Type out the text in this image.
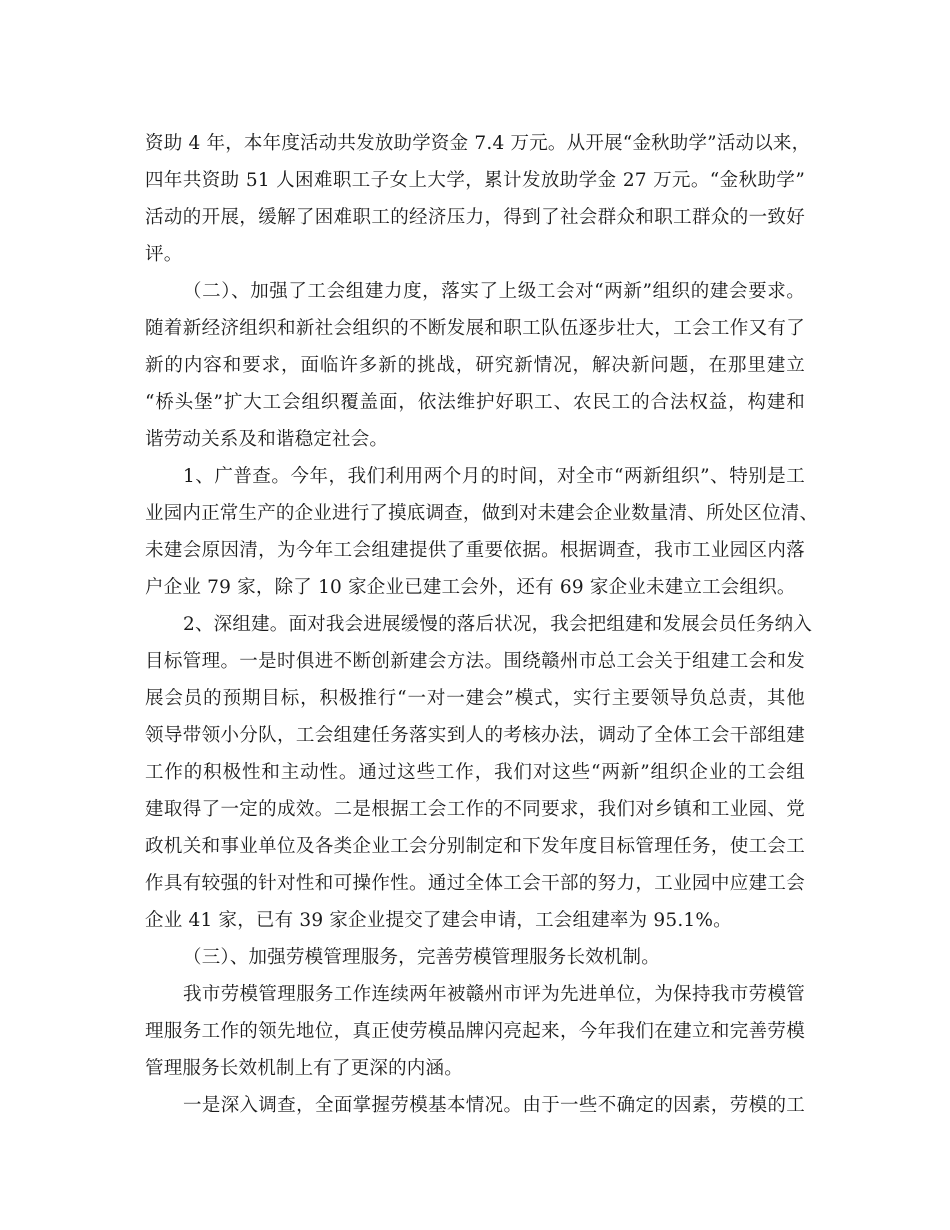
资助 4 年，本年度活动共发放助学资金 7.4 万元。从开展“金秋助学”活动以来，
四年共资助 51 人困难职工子女上大学，累计发放助学金 27 万元。“金秋助学”
活动的开展，缓解了困难职工的经济压力，得到了社会群众和职工群众的一致好
评。
（二）、加强了工会组建力度，落实了上级工会对“两新”组织的建会要求。
随着新经济组织和新社会组织的不断发展和职工队伍逐步壮大，工会工作又有了
新的内容和要求，面临许多新的挑战，研究新情况，解决新问题，在那里建立
“桥头堡”扩大工会组织覆盖面，依法维护好职工、农民工的合法权益，构建和
谐劳动关系及和谐稳定社会。
1、广普查。今年，我们利用两个月的时间，对全市“两新组织”、特别是工
业园内正常生产的企业进行了摸底调查，做到对未建会企业数量清、所处区位清、
未建会原因清，为今年工会组建提供了重要依据。根据调查，我市工业园区内落
户企业 79 家，除了 10 家企业已建工会外，还有 69 家企业未建立工会组织。
2、深组建。面对我会进展缓慢的落后状况，我会把组建和发展会员任务纳入
目标管理。一是时俱进不断创新建会方法。围绕赣州市总工会关于组建工会和发
展会员的预期目标，积极推行“一对一建会”模式，实行主要领导负总责，其他
领导带领小分队，工会组建任务落实到人的考核办法，调动了全体工会干部组建
工作的积极性和主动性。通过这些工作，我们对这些“两新”组织企业的工会组
建取得了一定的成效。二是根据工会工作的不同要求，我们对乡镇和工业园、党
政机关和事业单位及各类企业工会分别制定和下发年度目标管理任务，使工会工
作具有较强的针对性和可操作性。通过全体工会干部的努力，工业园中应建工会
企业 41 家，已有 39 家企业提交了建会申请，工会组建率为 95.1%。
（三）、加强劳模管理服务，完善劳模管理服务长效机制。
我市劳模管理服务工作连续两年被赣州市评为先进单位，为保持我市劳模管
理服务工作的领先地位，真正使劳模品牌闪亮起来，今年我们在建立和完善劳模
管理服务长效机制上有了更深的内涵。
一是深入调查，全面掌握劳模基本情况。由于一些不确定的因素，劳模的工
